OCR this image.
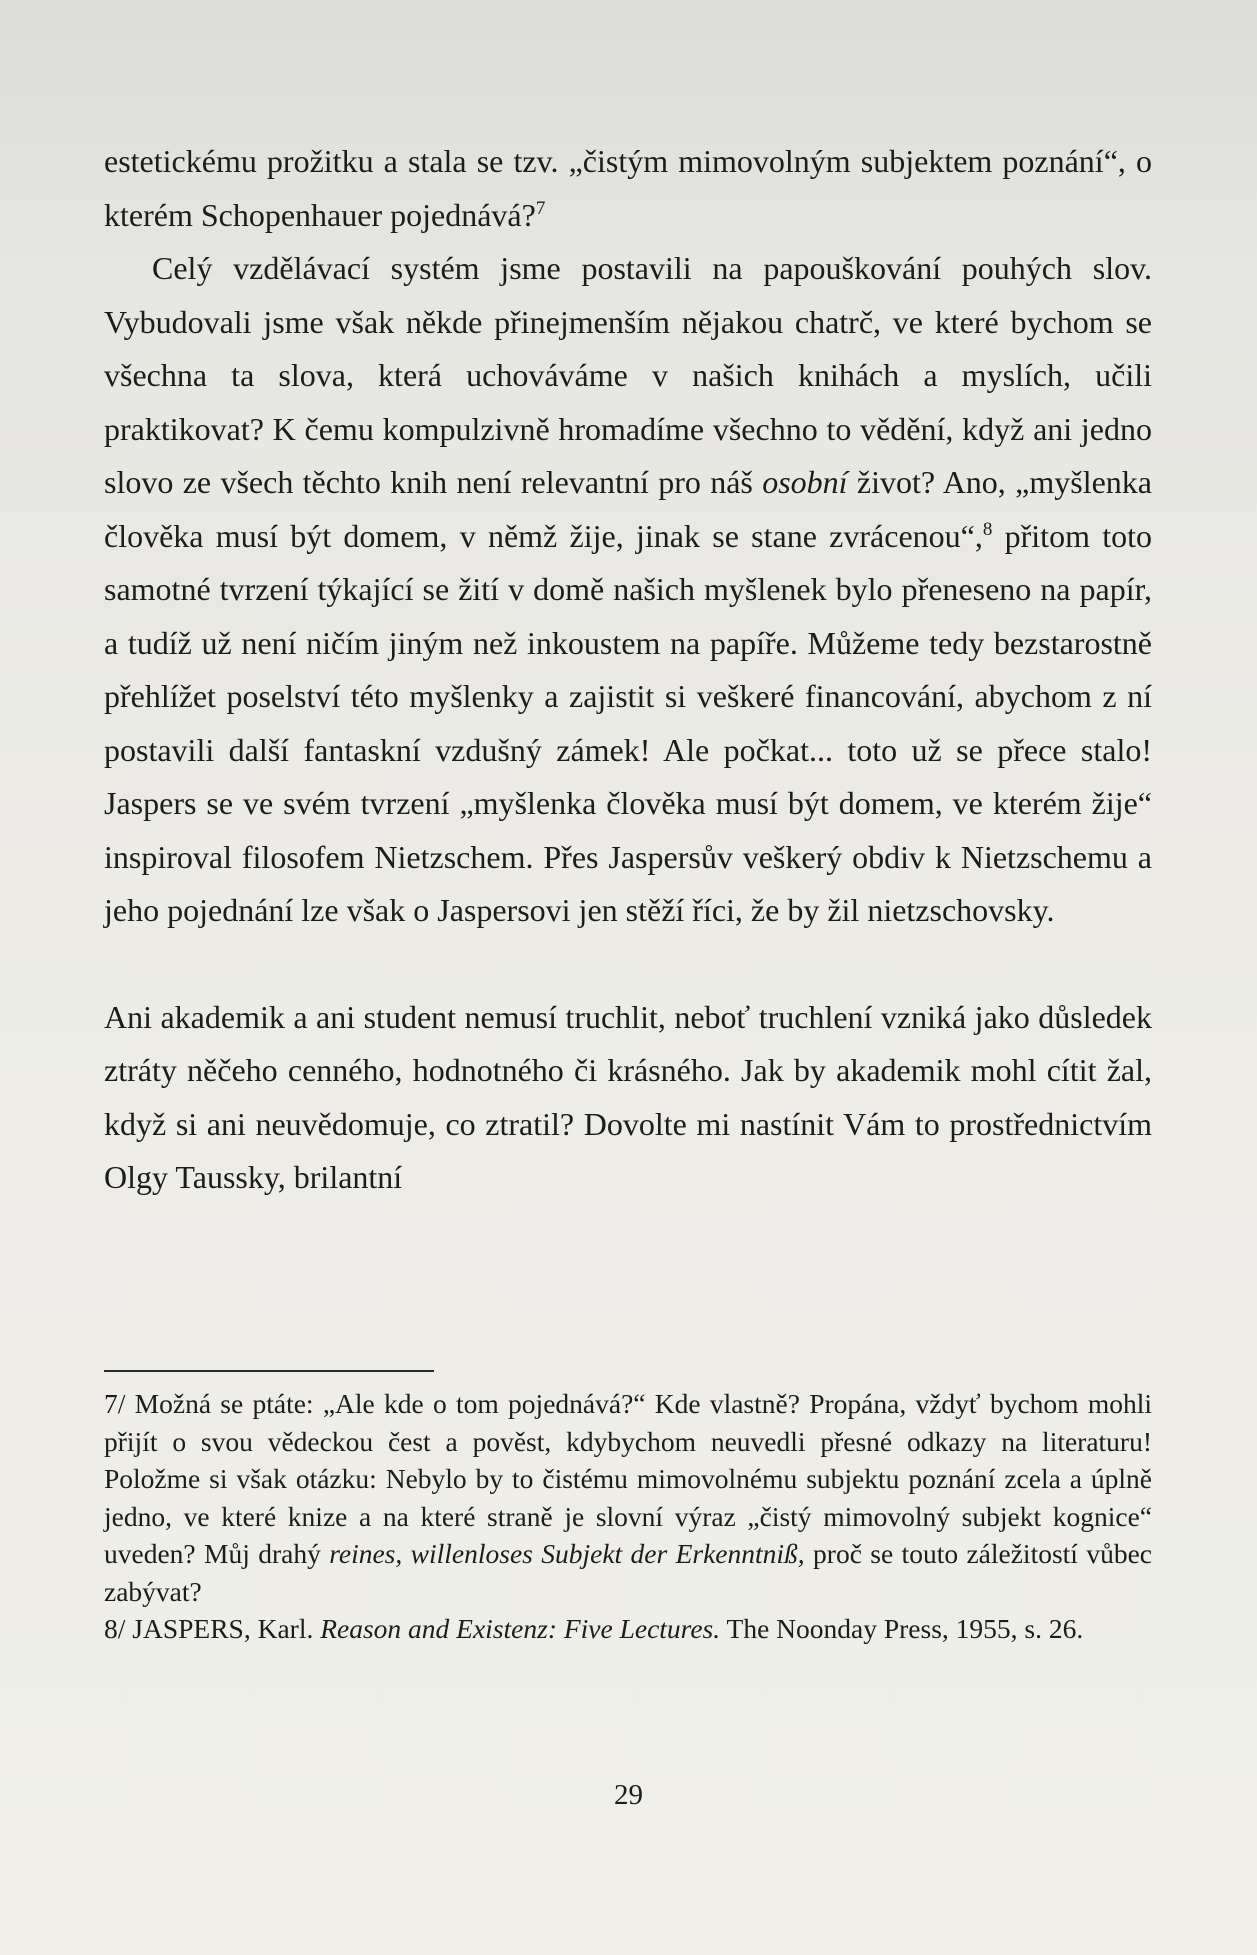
estetickému prožitku a stala se tzv. „čistým mimovolným subjektem poznání“, o kterém Schopenhauer pojednává?$^7$

Celý vzdělávací systém jsme postavili na papouškování pouhých slov. Vybudovali jsme však někde přinejmenším nějakou chatrč, ve které bychom se všechna ta slova, která uchováváme v našich knihách a myslích, učili praktikovat? K čemu kompulzivně hromadíme všechno to vědění, když ani jedno slovo ze všech těchto knih není relevantní pro náš osobní život? Ano, „myšlenka člověka musí být domem, v němž žije, jinak se stane zvrácenou“,$^8$ přitom toto samotné tvrzení týkající se žití v domě našich myšlenek bylo přeneseno na papír, a tudíž už není ničím jiným než inkoustem na papíře. Můžeme tedy bezstarostně přehlížet poselství této myšlenky a zajistit si veškeré financování, abychom z ní postavili další fantaskní vzdušný zámek! Ale počkat... toto už se přece stalo! Jaspers se ve svém tvrzení „myšlenka člověka musí být domem, ve kterém žije“ inspiroval filosofem Nietzschem. Přes Jaspersův veškerý obdiv k Nietzschemu a jeho pojednání lze však o Jaspersovi jen stěží říci, že by žil nietzschovsky.

Ani akademik a ani student nemusí truchlit, neboť truchlení vzniká jako důsledek ztráty něčeho cenného, hodnotného či krásného. Jak by akademik mohl cítit žal, když si ani neuvědomuje, co ztratil? Dovolte mi nastínit Vám to prostřednictvím Olgy Taussky, brilantní

7/ Možná se ptáte: „Ale kde o tom pojednává?“ Kde vlastně? Propána, vždyť bychom mohli přijít o svou vědeckou čest a pověst, kdybychom neuvedli přesné odkazy na literaturu! Položme si však otázku: Nebylo by to čistému mimovolnému subjektu poznání zcela a úplně jedno, ve které knize a na které straně je slovní výraz „čistý mimovolný subjekt kognice“ uveden? Můj drahý reines, willenloses Subjekt der Erkenntniß, proč se touto záležitostí vůbec zabývat?

8/ JASPERS, Karl. Reason and Existenz: Five Lectures. The Noonday Press, 1955, s. 26.

29
